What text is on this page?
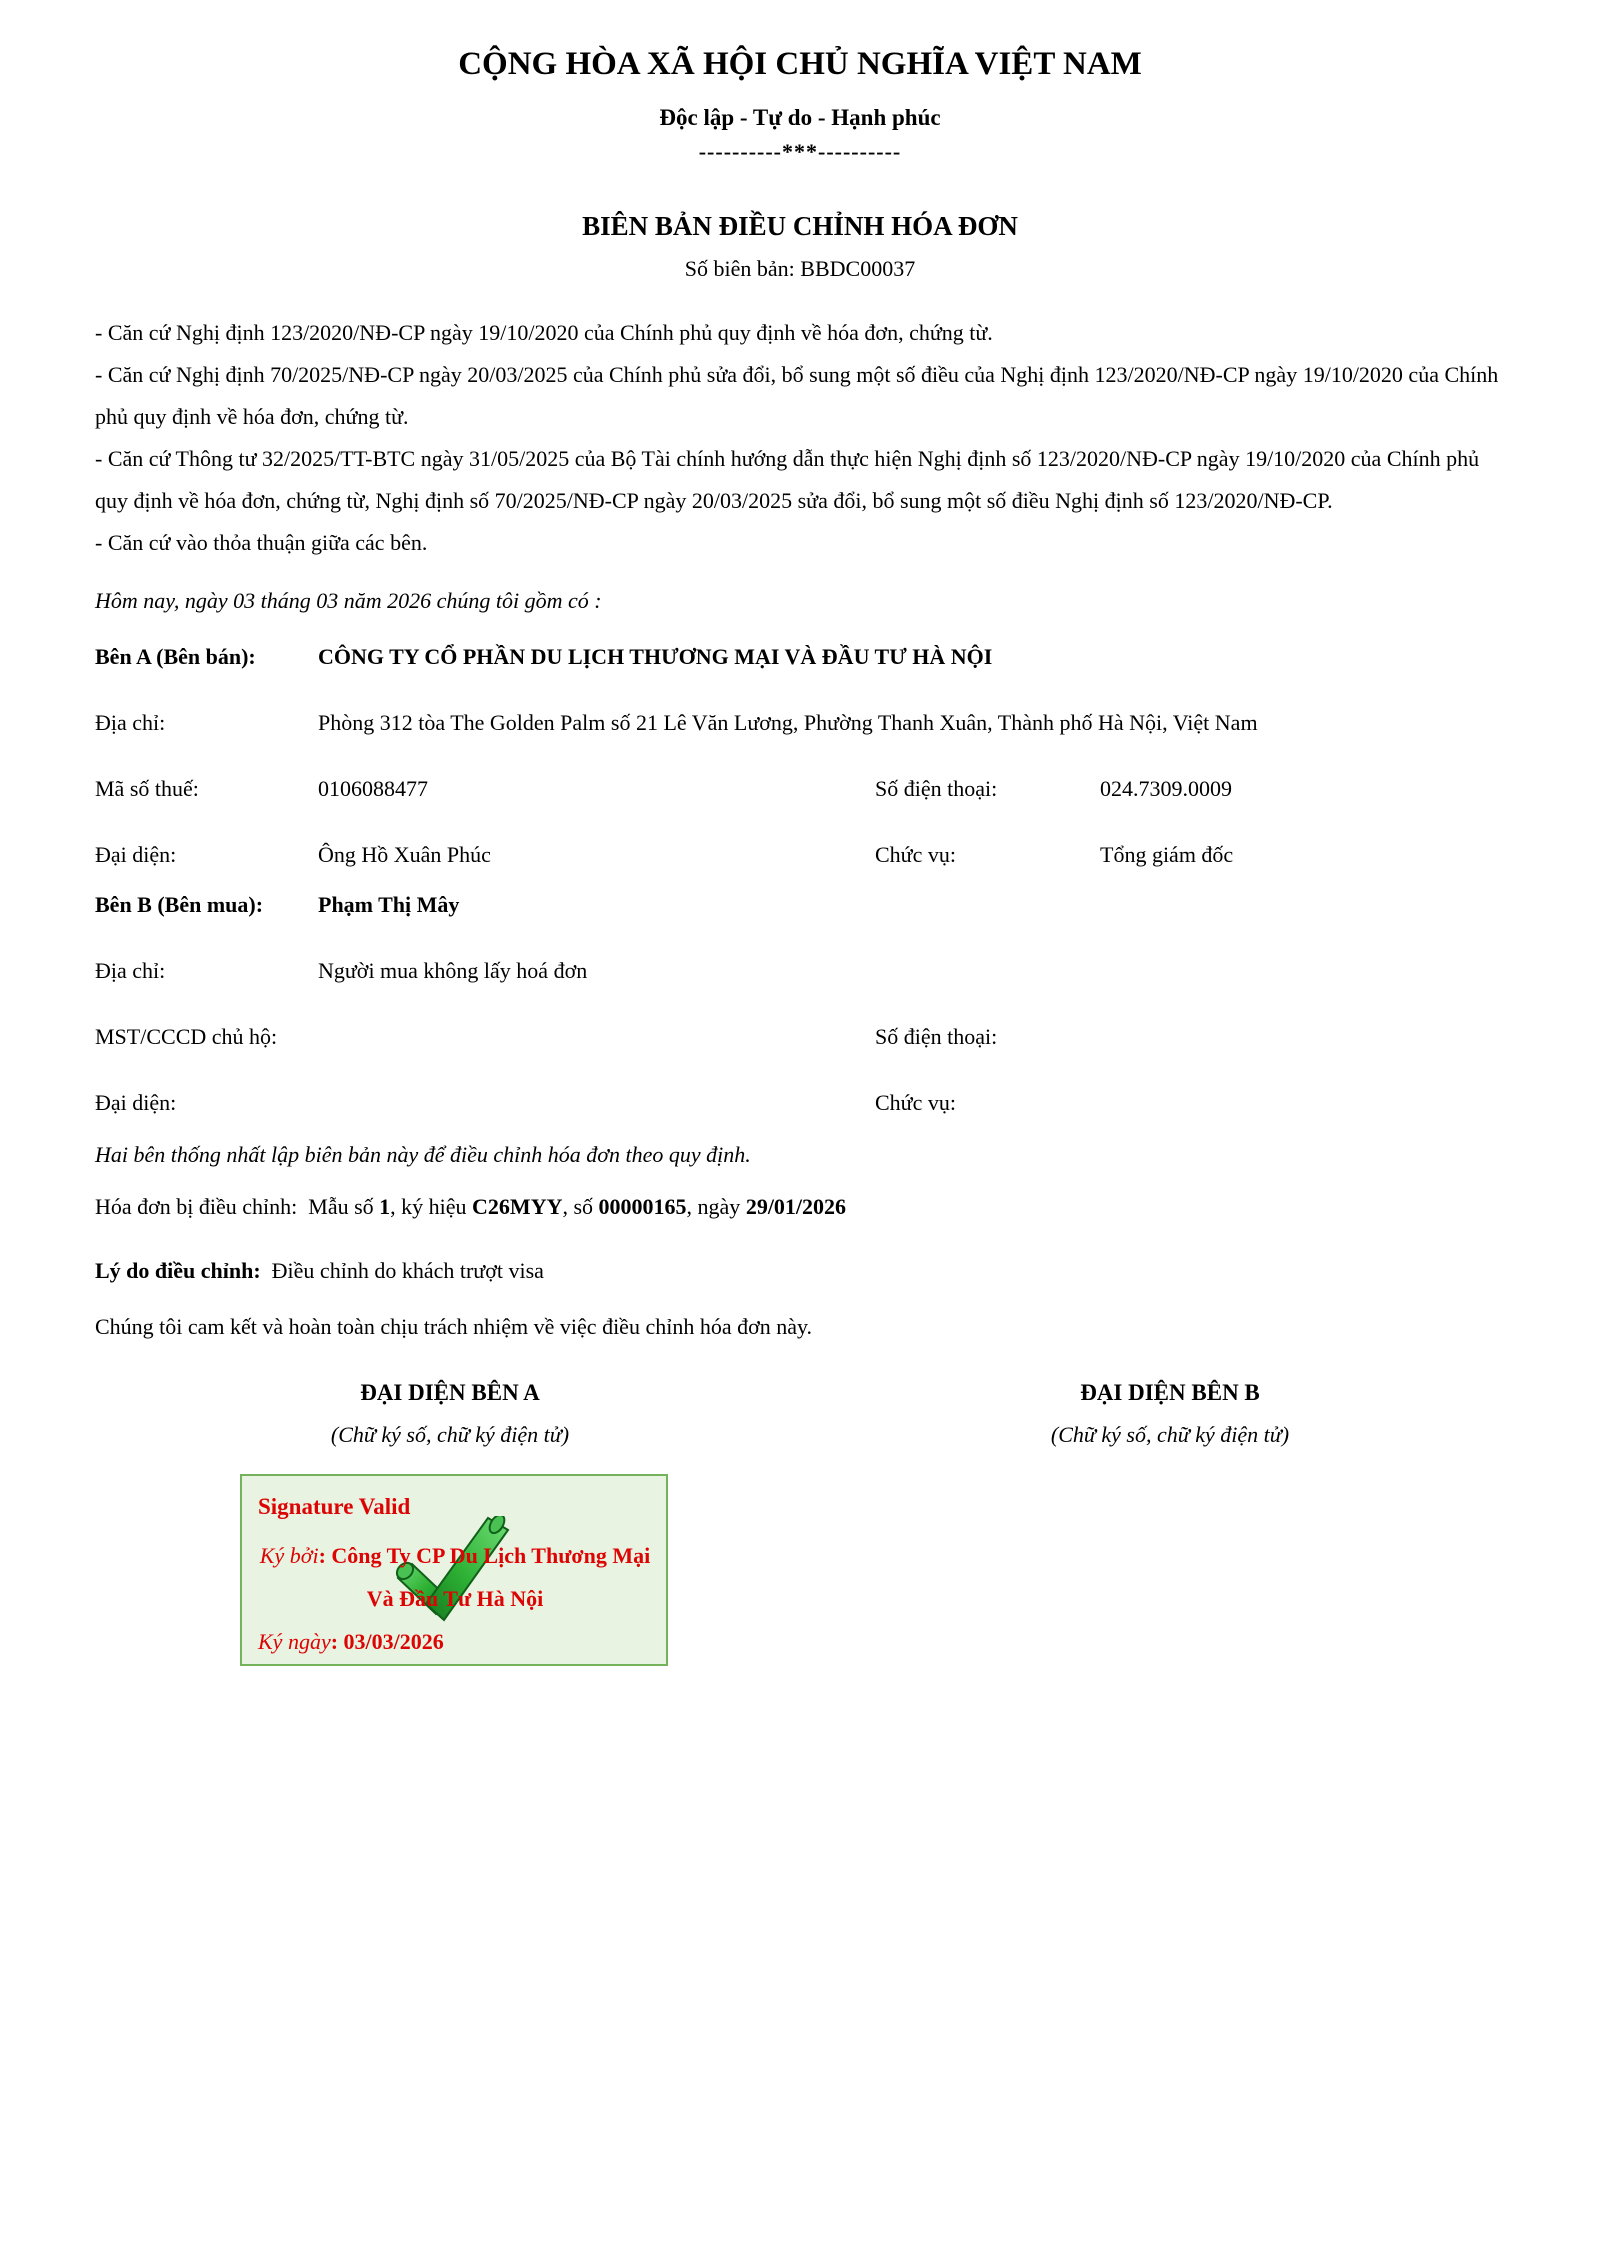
CỘNG HÒA XÃ HỘI CHỦ NGHĨA VIỆT NAM

Độc lập - Tự do - Hạnh phúc
----------***----------
BIÊN BẢN ĐIỀU CHỈNH HÓA ĐƠN
Số biên bản: BBDC00037

- Căn cứ Nghị định 123/2020/NĐ-CP ngày 19/10/2020 của Chính phủ quy định về hóa đơn, chứng từ.

- Căn cứ Nghị định 70/2025/NĐ-CP ngày 20/03/2025 của Chính phủ sửa đổi, bổ sung một số điều của Nghị định 123/2020/NĐ-CP ngày 19/10/2020 của Chính phủ quy định về hóa đơn, chứng từ.

- Căn cứ Thông tư 32/2025/TT-BTC ngày 31/05/2025 của Bộ Tài chính hướng dẫn thực hiện Nghị định số 123/2020/NĐ-CP ngày 19/10/2020 của Chính phủ quy định về hóa đơn, chứng từ, Nghị định số 70/2025/NĐ-CP ngày 20/03/2025 sửa đổi, bổ sung một số điều Nghị định số 123/2020/NĐ-CP.

- Căn cứ vào thỏa thuận giữa các bên.

Hôm nay, ngày 03 tháng 03 năm 2026 chúng tôi gồm có :

Bên A (Bên bán):	CÔNG TY CỔ PHẦN DU LỊCH THƯƠNG MẠI VÀ ĐẦU TƯ HÀ NỘI
Địa chỉ:	Phòng 312 tòa The Golden Palm số 21 Lê Văn Lương, Phường Thanh Xuân, Thành phố Hà Nội, Việt Nam
Mã số thuế:	0106088477	Số điện thoại:	024.7309.0009
Đại diện:	Ông Hồ Xuân Phúc	Chức vụ:	Tổng giám đốc
Bên B (Bên mua):	Phạm Thị Mây
Địa chỉ:	Người mua không lấy hoá đơn
MST/CCCD chủ hộ:	Số điện thoại:
Đại diện:	Chức vụ:

Hai bên thống nhất lập biên bản này để điều chỉnh hóa đơn theo quy định.

Hóa đơn bị điều chỉnh:  Mẫu số 1, ký hiệu C26MYY, số 00000165, ngày 29/01/2026

Lý do điều chỉnh:  Điều chỉnh do khách trượt visa

Chúng tôi cam kết và hoàn toàn chịu trách nhiệm về việc điều chỉnh hóa đơn này.

ĐẠI DIỆN BÊN A

(Chữ ký số, chữ ký điện tử)

ĐẠI DIỆN BÊN B

(Chữ ký số, chữ ký điện tử)

Signature Valid

Ký bởi: Công Ty CP Du Lịch Thương Mại Và Đầu Tư Hà Nội

Ký ngày: 03/03/2026
